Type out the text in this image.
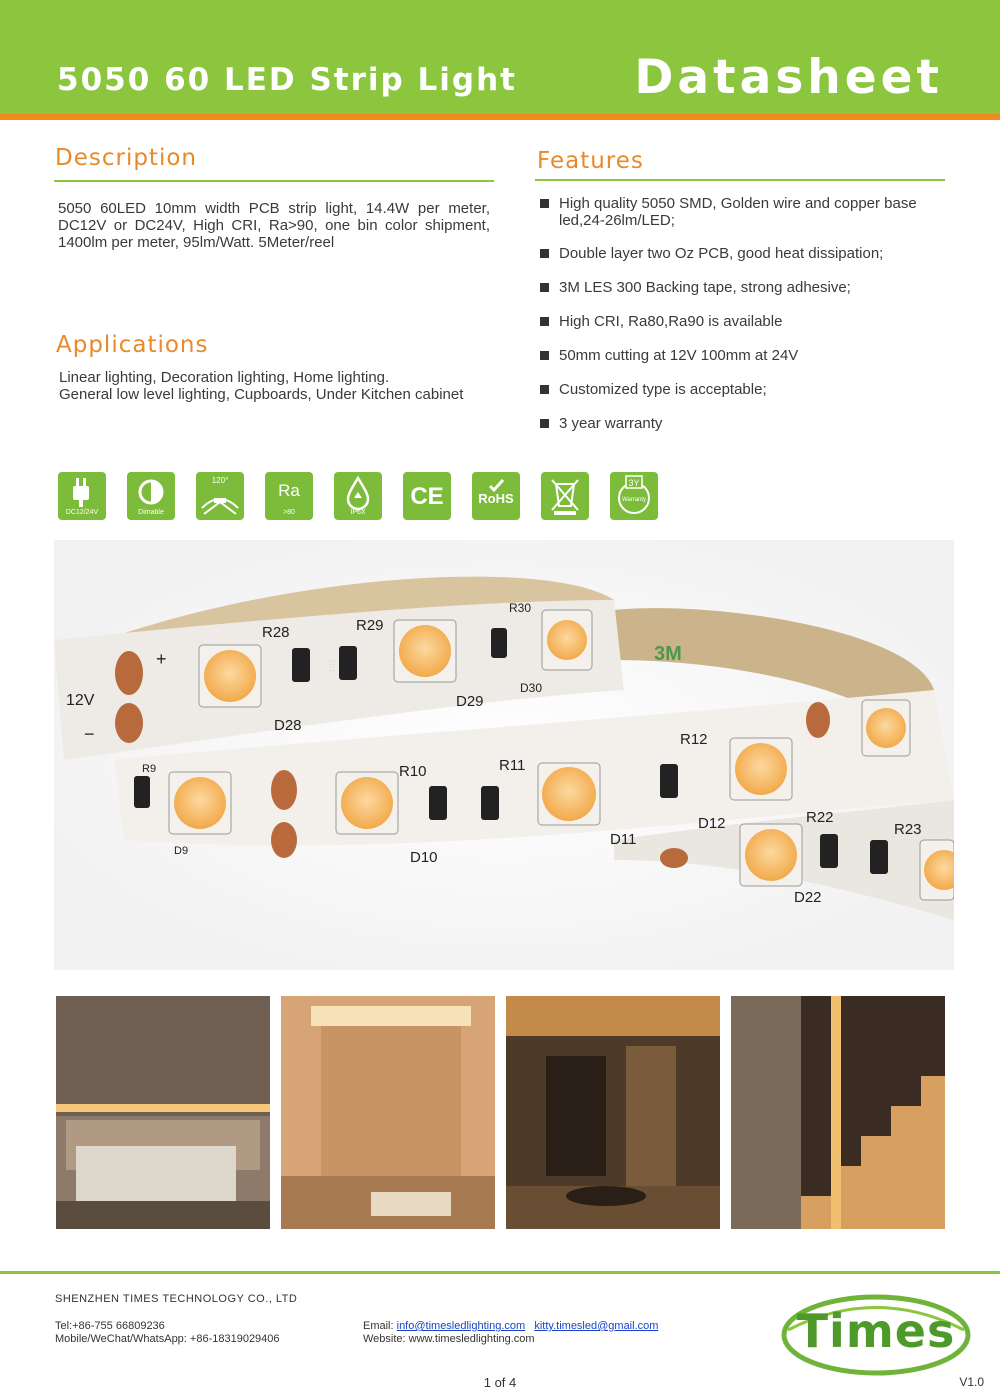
5050 60 LED Strip Light Datasheet
Description
5050 60LED 10mm width PCB strip light, 14.4W per meter, DC12V or DC24V, High CRI, Ra>90, one bin color shipment, 1400lm per meter, 95lm/Watt. 5Meter/reel
Applications
Linear lighting, Decoration lighting, Home lighting.
General low level lighting, Cupboards, Under Kitchen cabinet
Features
High quality 5050 SMD, Golden wire and copper base led,24-26lm/LED;
Double layer two Oz PCB, good heat dissipation;
3M LES 300 Backing tape, strong adhesive;
High CRI, Ra80,Ra90 is available
50mm cutting at 12V 100mm at 24V
Customized type is acceptable;
3 year warranty
DC12/24V	Dimable
120°
Ra
>80	IP6X
CE	RoHS
3Y
Warranty
R28	R29
R30
R9	R10	R11
R12
R22
R23
D28
D29
D30
D9	D10
D11
D12
D22
12V
+
−
151
3M
SHENZHEN TIMES TECHNOLOGY CO., LTD
Tel:+86-755 66809236
Mobile/WeChat/WhatsApp: +86-18319029406
Email: info@timesledlighting.com kitty.timesled@gmail.com
Website: www.timesledlighting.com	Times
1 of 4	V1.0
